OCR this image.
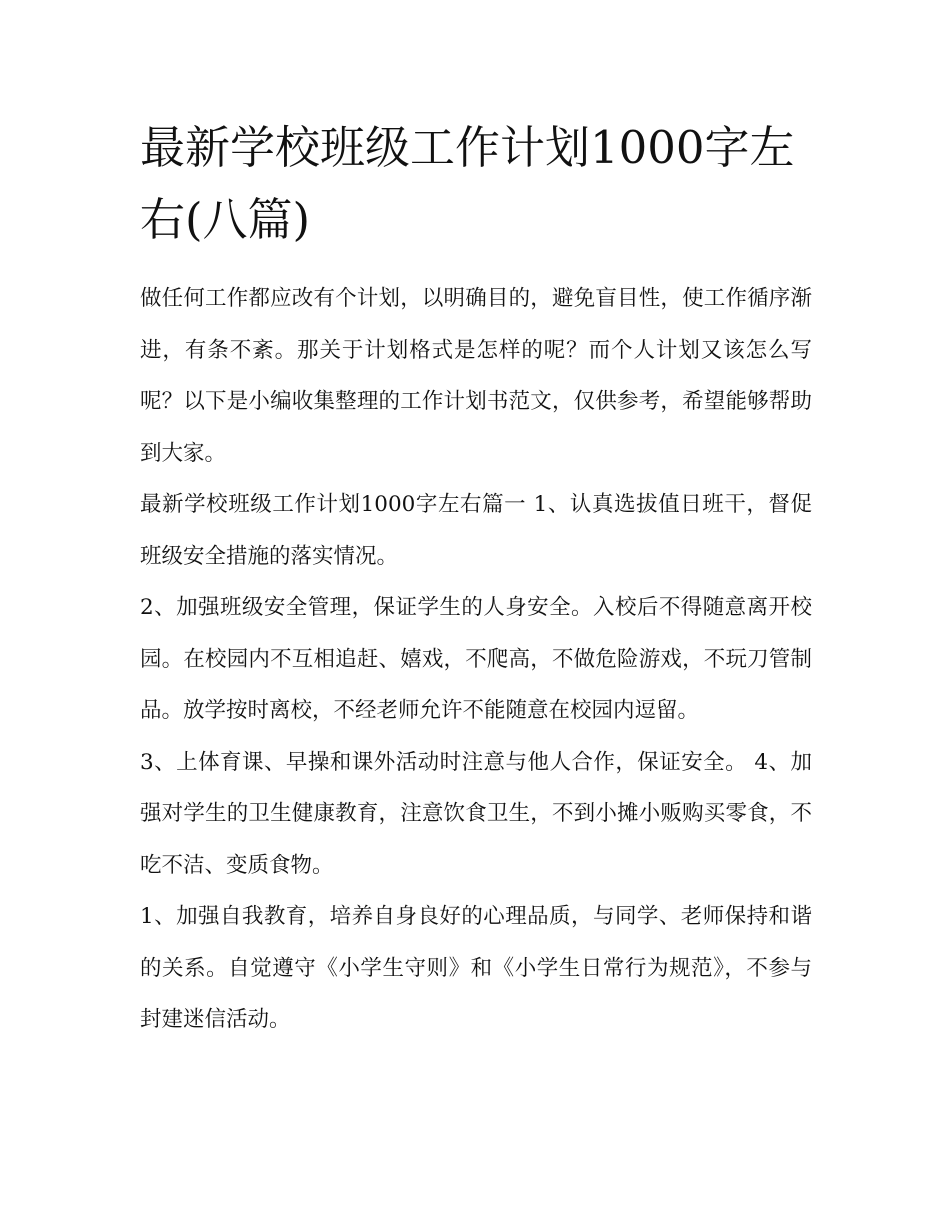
最新学校班级工作计划1000字左右(八篇)

做任何工作都应改有个计划，以明确目的，避免盲目性，使工作循序渐进，有条不紊。那关于计划格式是怎样的呢？而个人计划又该怎么写呢？以下是小编收集整理的工作计划书范文，仅供参考，希望能够帮助到大家。

最新学校班级工作计划1000字左右篇一 1、认真选拔值日班干，督促班级安全措施的落实情况。

2、加强班级安全管理，保证学生的人身安全。入校后不得随意离开校园。在校园内不互相追赶、嬉戏，不爬高，不做危险游戏，不玩刀管制品。放学按时离校，不经老师允许不能随意在校园内逗留。

3、上体育课、早操和课外活动时注意与他人合作，保证安全。 4、加强对学生的卫生健康教育，注意饮食卫生，不到小摊小贩购买零食，不吃不洁、变质食物。

1、加强自我教育，培养自身良好的心理品质，与同学、老师保持和谐的关系。自觉遵守《小学生守则》和《小学生日常行为规范》，不参与封建迷信活动。
